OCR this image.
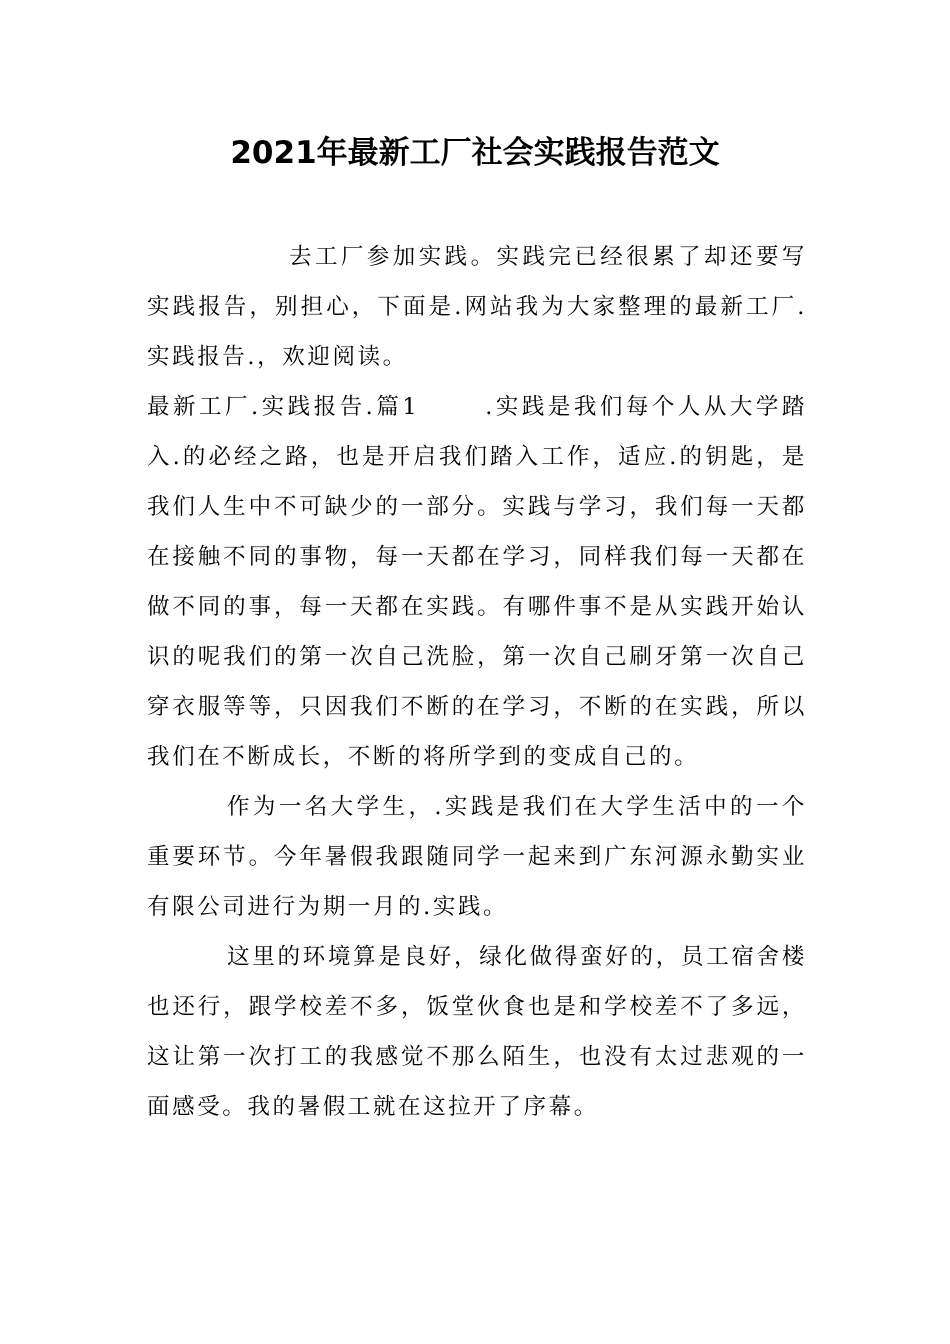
2021年最新工厂社会实践报告范文

去工厂参加实践。实践完已经很累了却还要写实践报告，别担心，下面是.网站我为大家整理的最新工厂.实践报告.，欢迎阅读。

最新工厂.实践报告.篇1	.实践是我们每个人从大学踏入.的必经之路，也是开启我们踏入工作，适应.的钥匙，是我们人生中不可缺少的一部分。实践与学习，我们每一天都在接触不同的事物，每一天都在学习，同样我们每一天都在做不同的事，每一天都在实践。有哪件事不是从实践开始认识的呢我们的第一次自己洗脸，第一次自己刷牙第一次自己穿衣服等等，只因我们不断的在学习，不断的在实践，所以我们在不断成长，不断的将所学到的变成自己的。

作为一名大学生，.实践是我们在大学生活中的一个重要环节。今年暑假我跟随同学一起来到广东河源永勤实业有限公司进行为期一月的.实践。

这里的环境算是良好，绿化做得蛮好的，员工宿舍楼也还行，跟学校差不多，饭堂伙食也是和学校差不了多远，这让第一次打工的我感觉不那么陌生，也没有太过悲观的一面感受。我的暑假工就在这拉开了序幕。
